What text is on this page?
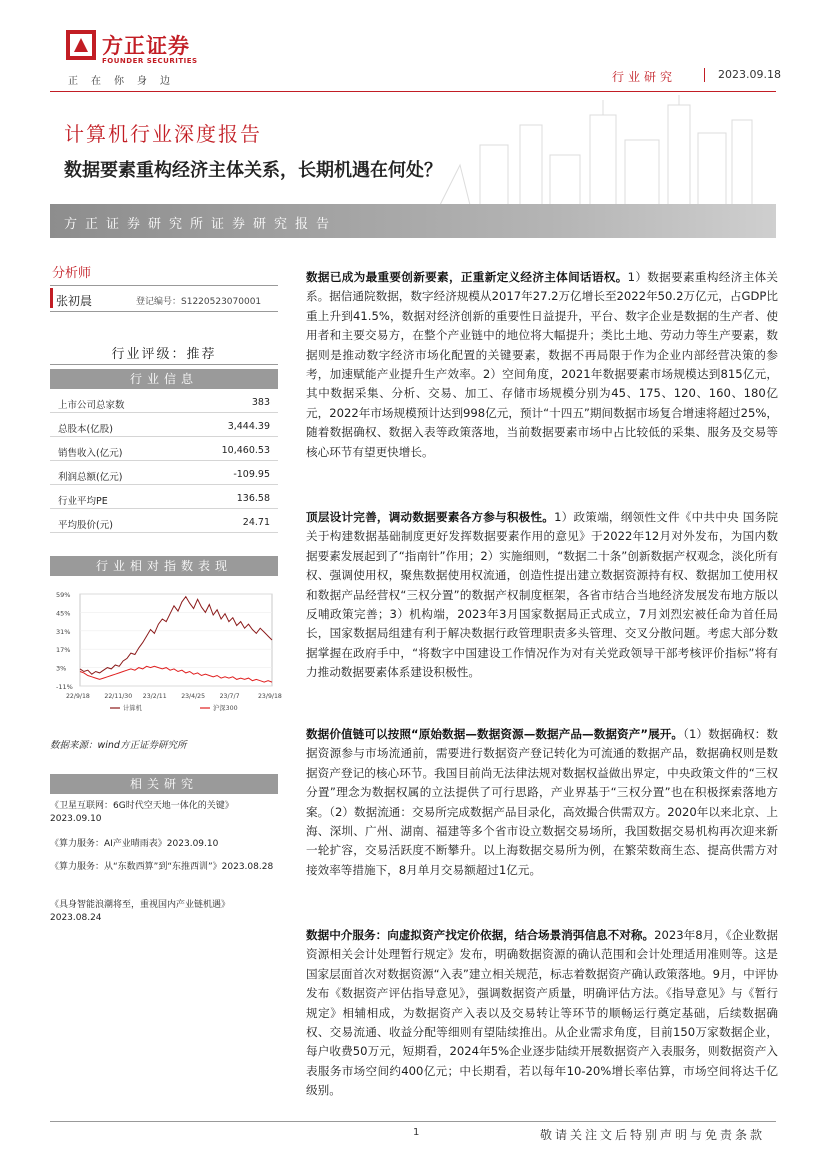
方正证券
FOUNDER SECURITIES
正在你身边	行业研究	2023.09.18
计算机行业深度报告
数据要素重构经济主体关系，长期机遇在何处？
方正证券研究所证券研究报告
分析师
张初晨	登记编号：S1220523070001
行业评级：推荐
行业信息
上市公司总家数	383
总股本(亿股)	3,444.39
销售收入(亿元)	10,460.53
利润总额(亿元)	-109.95
行业平均PE	136.58
平均股价(元)	24.71
行业相对指数表现
59%
45%
31%
17%
3%
-11%
22/9/18 22/11/30 23/2/11 23/4/25 23/7/7	23/9/18
计算机	沪深300
数据来源：wind方正证券研究所
相关研究
《卫星互联网：6G时代空天地一体化的关键》2023.09.10
《算力服务：AI产业晴雨表》2023.09.10
《算力服务：从“东数西算”到“东推西训”》2023.08.28
《具身智能浪潮将至，重视国内产业链机遇》2023.08.24
数据已成为最重要创新要素，正重新定义经济主体间话语权。1）数据要素重构经济主体关系。据信通院数据，数字经济规模从2017年27.2万亿增长至2022年50.2万亿元，占GDP比重上升到41.5%，数据对经济创新的重要性日益提升，平台、数字企业是数据的生产者、使用者和主要交易方，在整个产业链中的地位将大幅提升；类比土地、劳动力等生产要素，数据则是推动数字经济市场化配置的关键要素，数据不再局限于作为企业内部经营决策的参考，加速赋能产业提升生产效率。2）空间角度，2021年数据要素市场规模达到815亿元，其中数据采集、分析、交易、加工、存储市场规模分别为45、175、120、160、180亿元，2022年市场规模预计达到998亿元，预计“十四五”期间数据市场复合增速将超过25%，随着数据确权、数据入表等政策落地，当前数据要素市场中占比较低的采集、服务及交易等核心环节有望更快增长。
顶层设计完善，调动数据要素各方参与积极性。1）政策端，纲领性文件《中共中央 国务院关于构建数据基础制度更好发挥数据要素作用的意见》于2022年12月对外发布，为国内数据要素发展起到了“指南针”作用；2）实施细则，“数据二十条”创新数据产权观念，淡化所有权、强调使用权，聚焦数据使用权流通，创造性提出建立数据资源持有权、数据加工使用权和数据产品经营权“三权分置”的数据产权制度框架，各省市结合当地经济发展发布地方版以反哺政策完善；3）机构端，2023年3月国家数据局正式成立，7月刘烈宏被任命为首任局长，国家数据局组建有利于解决数据行政管理职责多头管理、交叉分散问题。考虑大部分数据掌握在政府手中，“将数字中国建设工作情况作为对有关党政领导干部考核评价指标”将有力推动数据要素体系建设积极性。
数据价值链可以按照“原始数据—数据资源—数据产品—数据资产”展开。（1）数据确权：数据资源参与市场流通前，需要进行数据资产登记转化为可流通的数据产品，数据确权则是数据资产登记的核心环节。我国目前尚无法律法规对数据权益做出界定，中央政策文件的“三权分置”理念为数据权属的立法提供了可行思路，产业界基于“三权分置”也在积极探索落地方案。（2）数据流通：交易所完成数据产品目录化，高效撮合供需双方。2020年以来北京、上海、深圳、广州、湖南、福建等多个省市设立数据交易场所，我国数据交易机构再次迎来新一轮扩容，交易活跃度不断攀升。以上海数据交易所为例，在繁荣数商生态、提高供需方对接效率等措施下，8月单月交易额超过1亿元。
数据中介服务：向虚拟资产找定价依据，结合场景消弭信息不对称。2023年8月，《企业数据资源相关会计处理暂行规定》发布，明确数据资源的确认范围和会计处理适用准则等。这是国家层面首次对数据资源“入表”建立相关规范，标志着数据资产确认政策落地。9月，中评协发布《数据资产评估指导意见》，强调数据资产质量，明确评估方法。《指导意见》与《暂行规定》相辅相成，为数据资产入表以及交易转让等环节的顺畅运行奠定基础，后续数据确权、交易流通、收益分配等细则有望陆续推出。从企业需求角度，目前150万家数据企业，每户收费50万元，短期看，2024年5%企业逐步陆续开展数据资产入表服务，则数据资产入表服务市场空间约400亿元；中长期看，若以每年10-20%增长率估算，市场空间将达千亿级别。
1	敬请关注文后特别声明与免责条款
